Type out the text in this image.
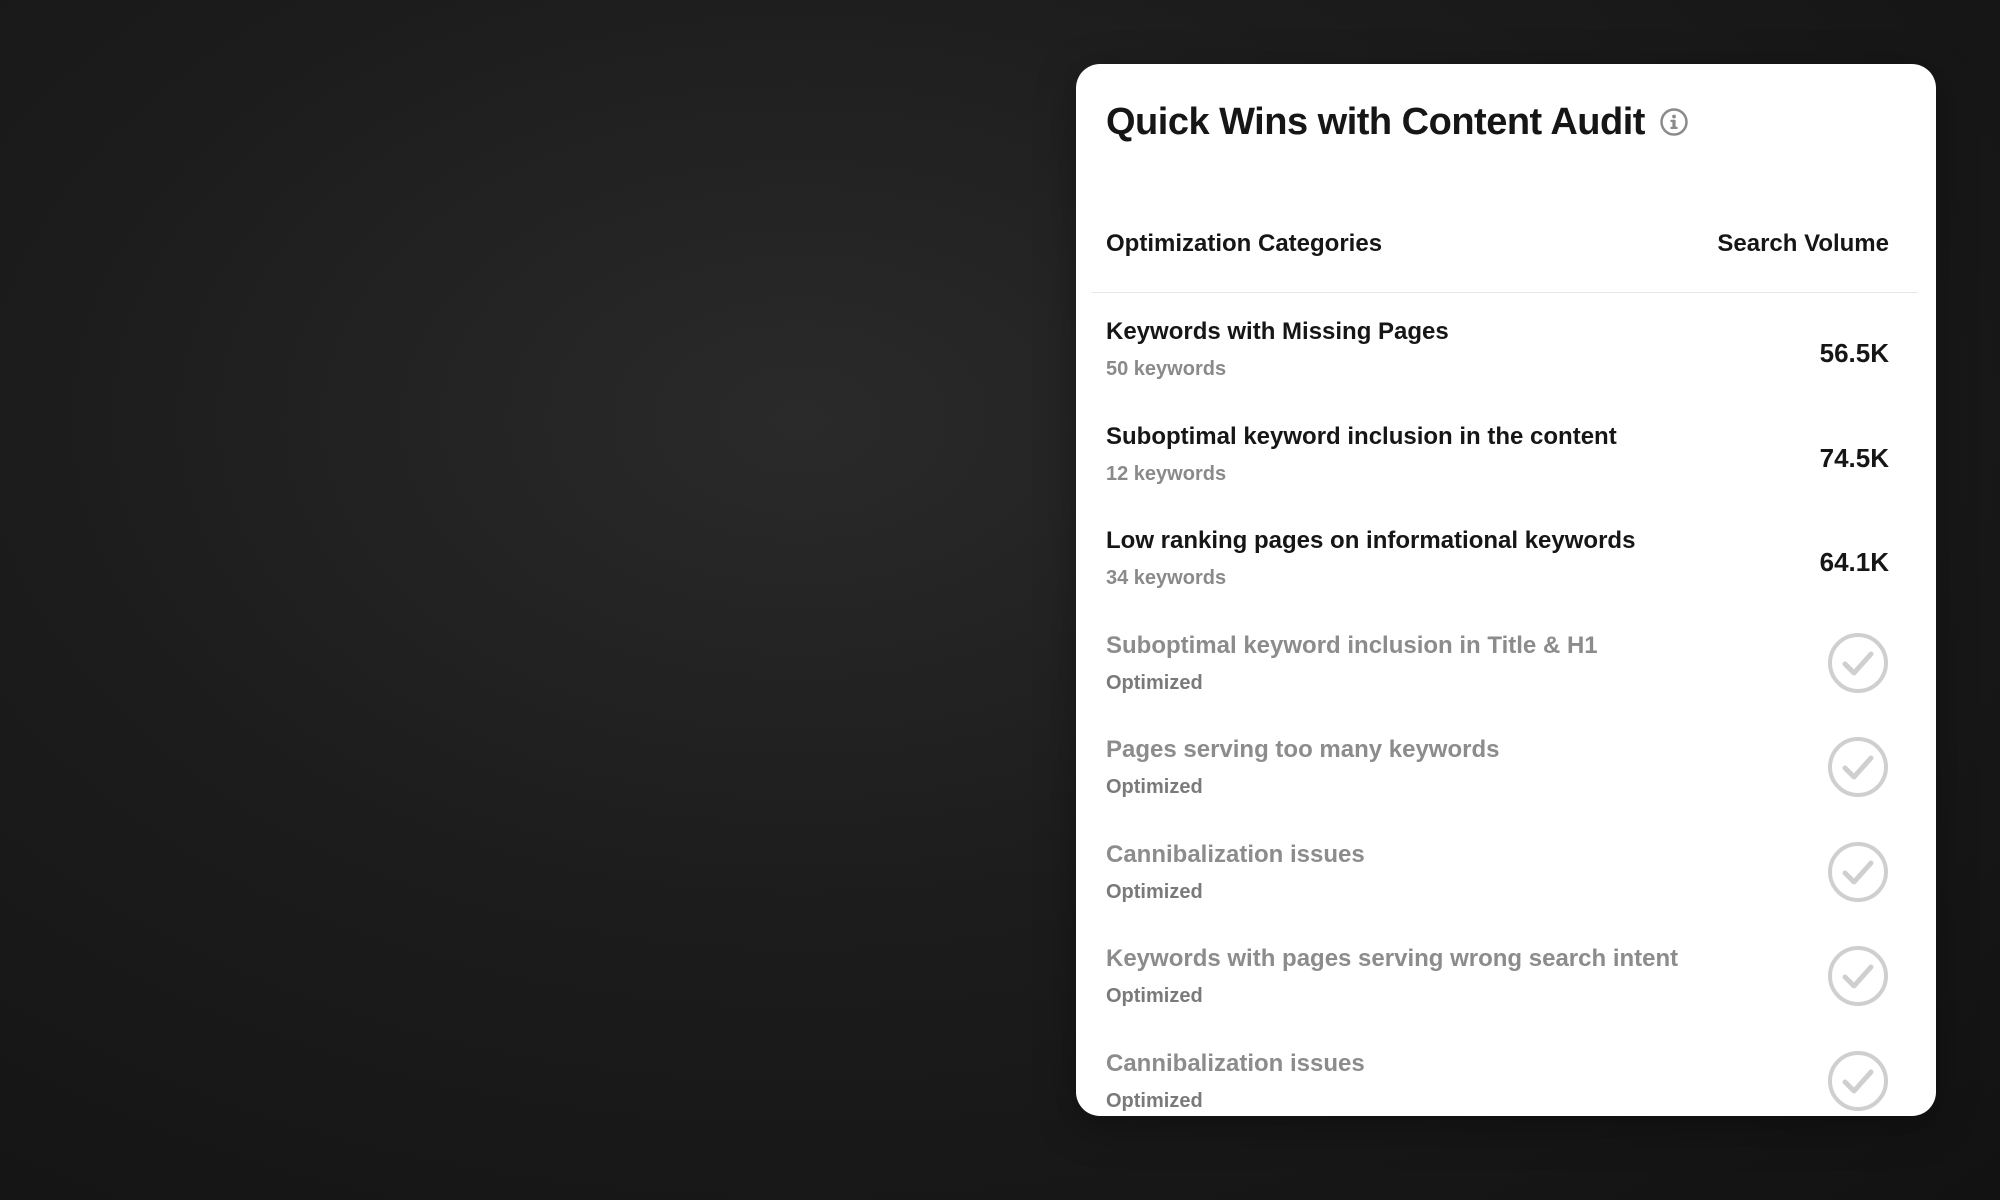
Quick Wins with Content Audit
Optimization Categories	Search Volume
Keywords with Missing Pages
50 keywords
56.5K
Suboptimal keyword inclusion in the content
12 keywords
74.5K
Low ranking pages on informational keywords
34 keywords
64.1K
Suboptimal keyword inclusion in Title & H1
Optimized
Pages serving too many keywords
Optimized
Cannibalization issues
Optimized
Keywords with pages serving wrong search intent
Optimized
Cannibalization issues
Optimized
